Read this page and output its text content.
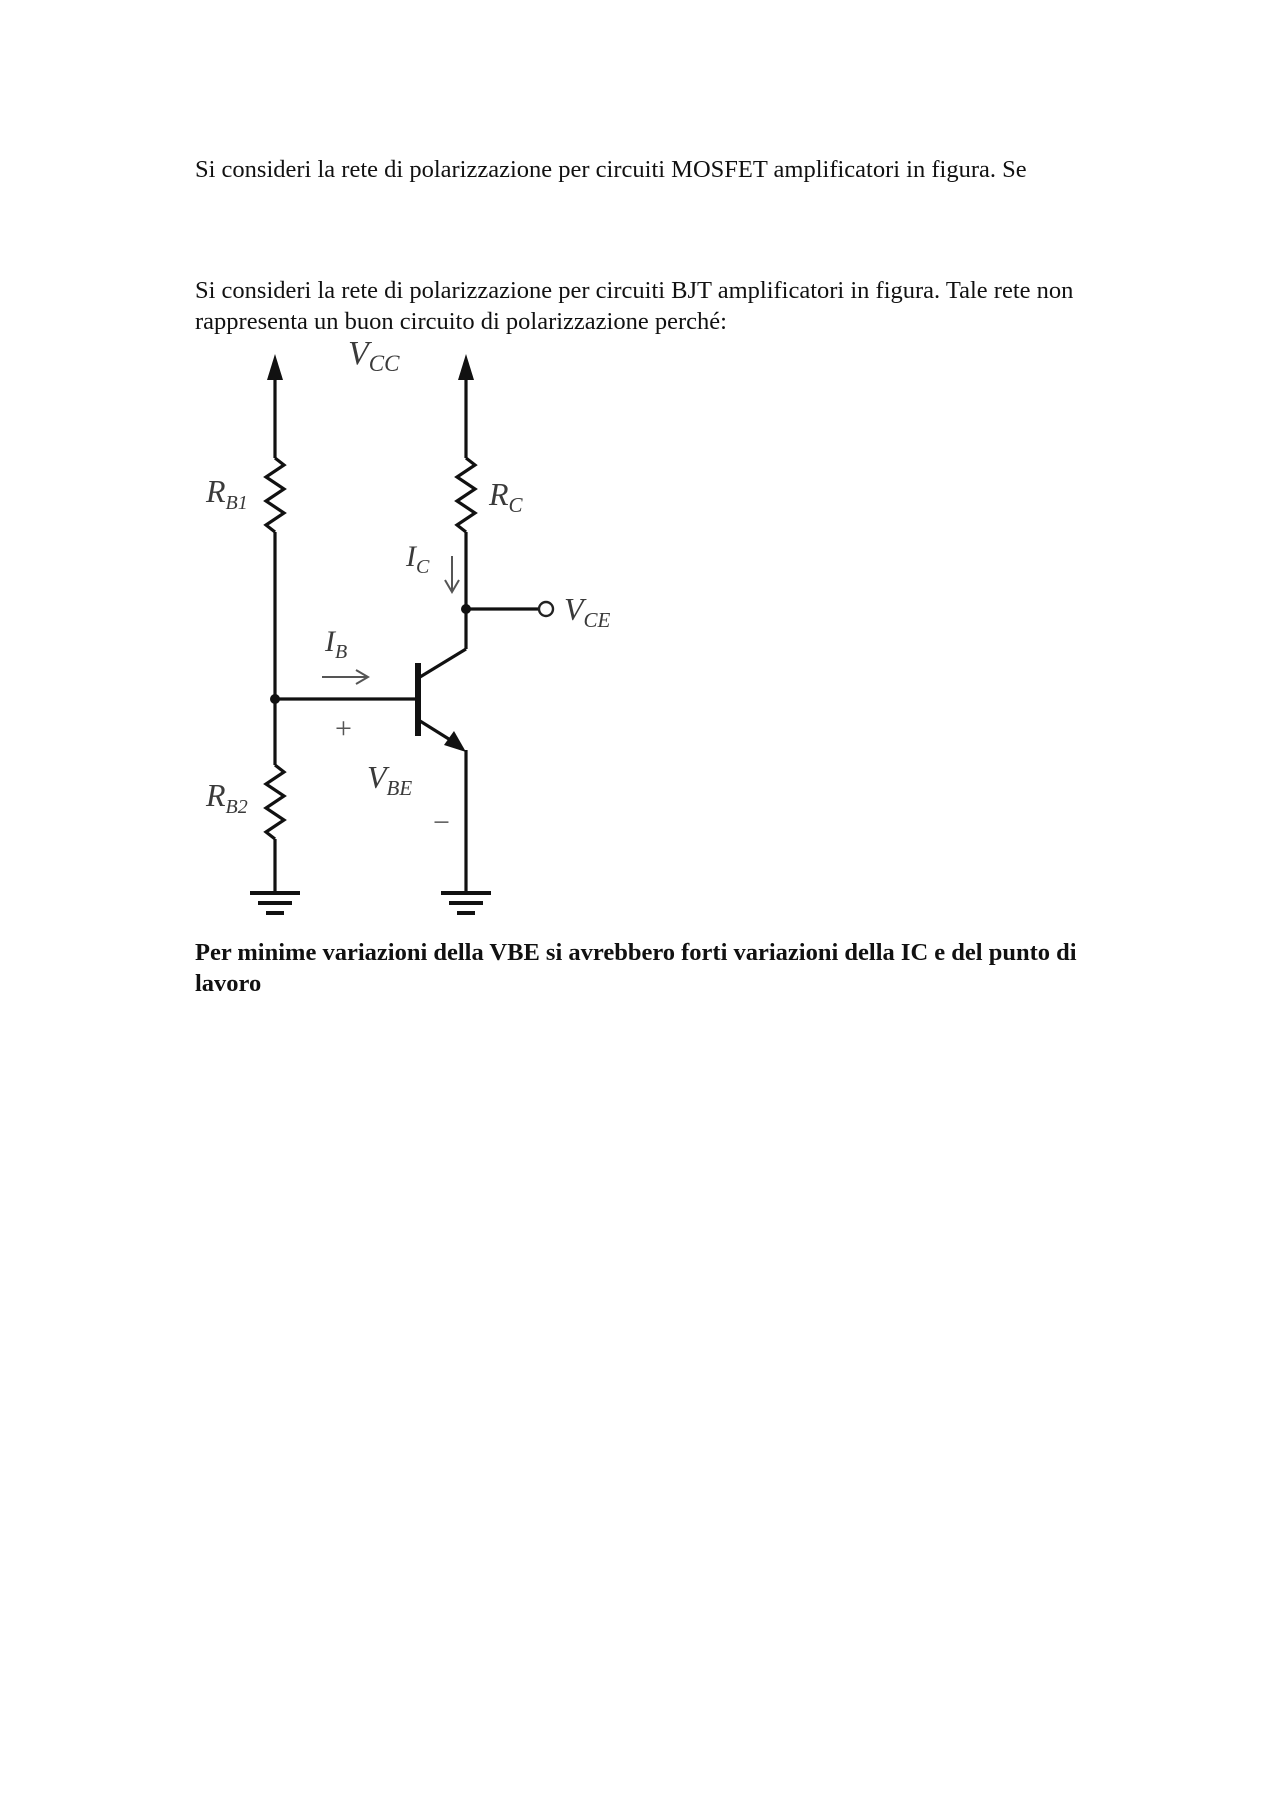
Si consideri la rete di polarizzazione per circuiti MOSFET amplificatori in figura. Se

Si consideri la rete di polarizzazione per circuiti BJT amplificatori in figura. Tale rete non rappresenta un buon circuito di polarizzazione perché:

$V_{CC}$
$R_{B1}$	$R_C$
$I_C$
$V_{CE}$
$I_B$
+
$V_{BE}$
−
$R_{B2}$

Per minime variazioni della VBE si avrebbero forti variazioni della IC e del punto di lavoro
